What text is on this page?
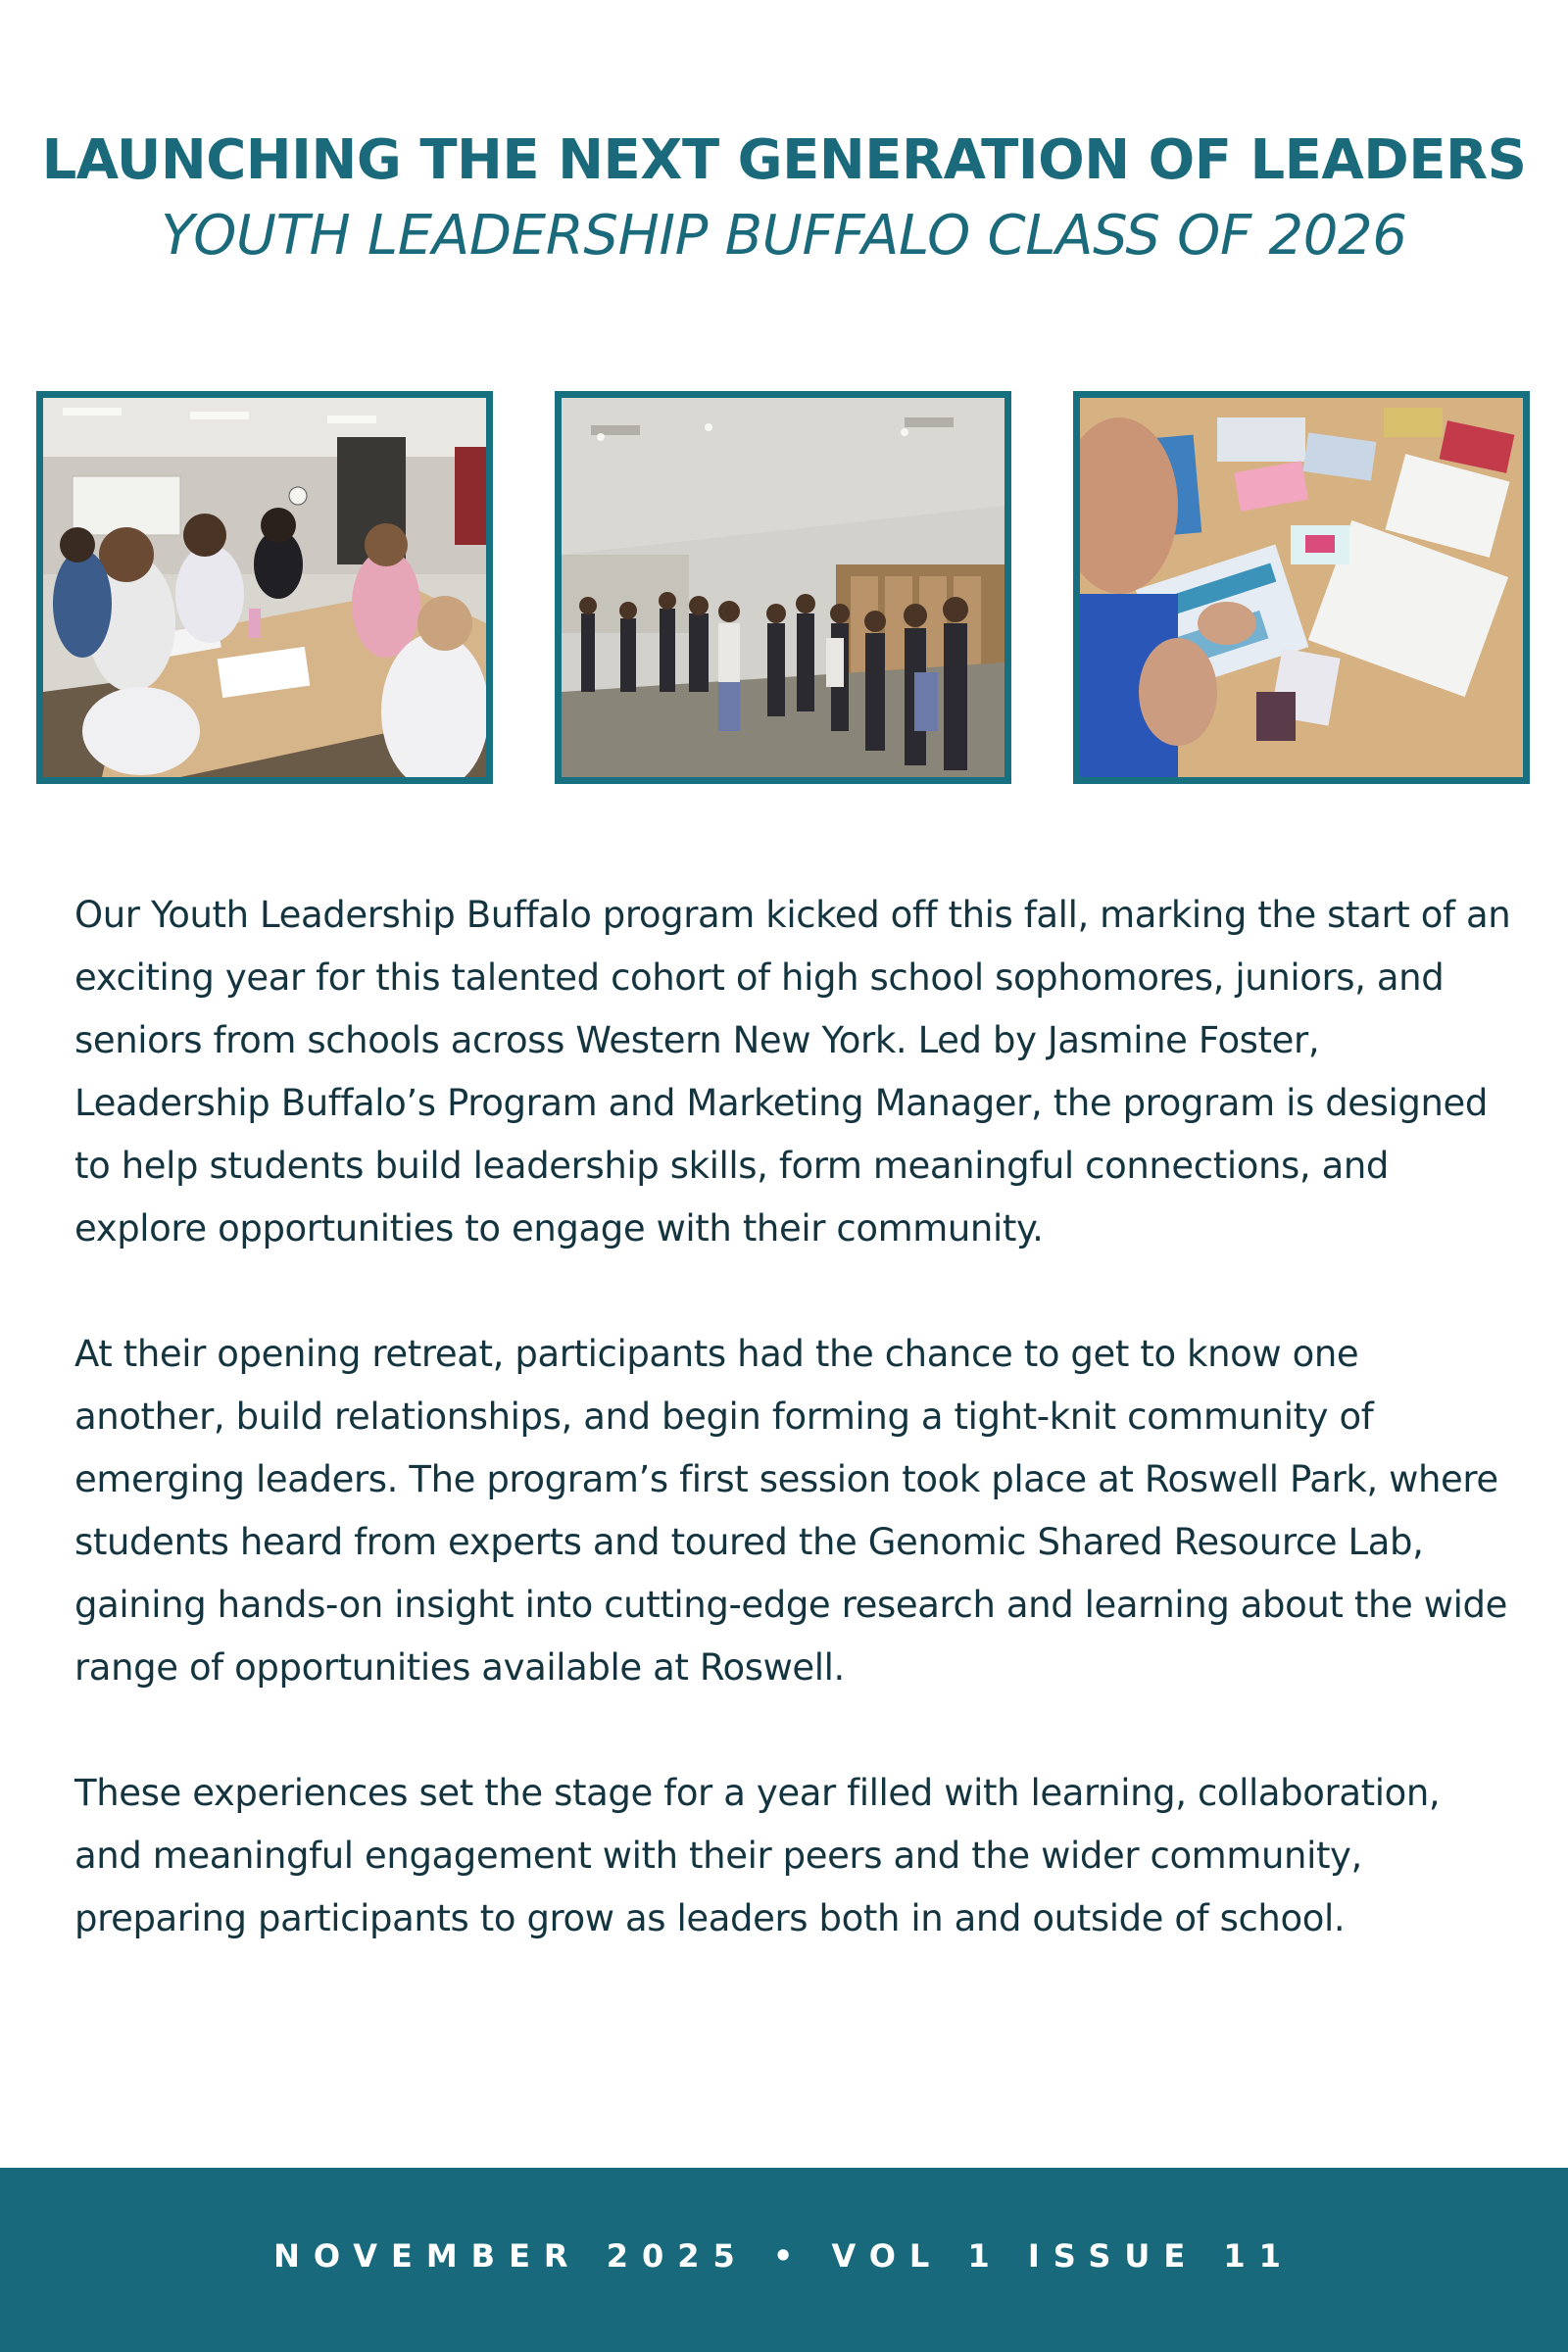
LAUNCHING THE NEXT GENERATION OF LEADERS
YOUTH LEADERSHIP BUFFALO CLASS OF 2026

Our Youth Leadership Buffalo program kicked off this fall, marking the start of an exciting year for this talented cohort of high school sophomores, juniors, and seniors from schools across Western New York. Led by Jasmine Foster, Leadership Buffalo’s Program and Marketing Manager, the program is designed to help students build leadership skills, form meaningful connections, and explore opportunities to engage with their community.

At their opening retreat, participants had the chance to get to know one another, build relationships, and begin forming a tight-knit community of emerging leaders. The program’s first session took place at Roswell Park, where students heard from experts and toured the Genomic Shared Resource Lab, gaining hands-on insight into cutting-edge research and learning about the wide range of opportunities available at Roswell.

These experiences set the stage for a year filled with learning, collaboration, and meaningful engagement with their peers and the wider community, preparing participants to grow as leaders both in and outside of school.

NOVEMBER 2025 • VOL 1 ISSUE 11
